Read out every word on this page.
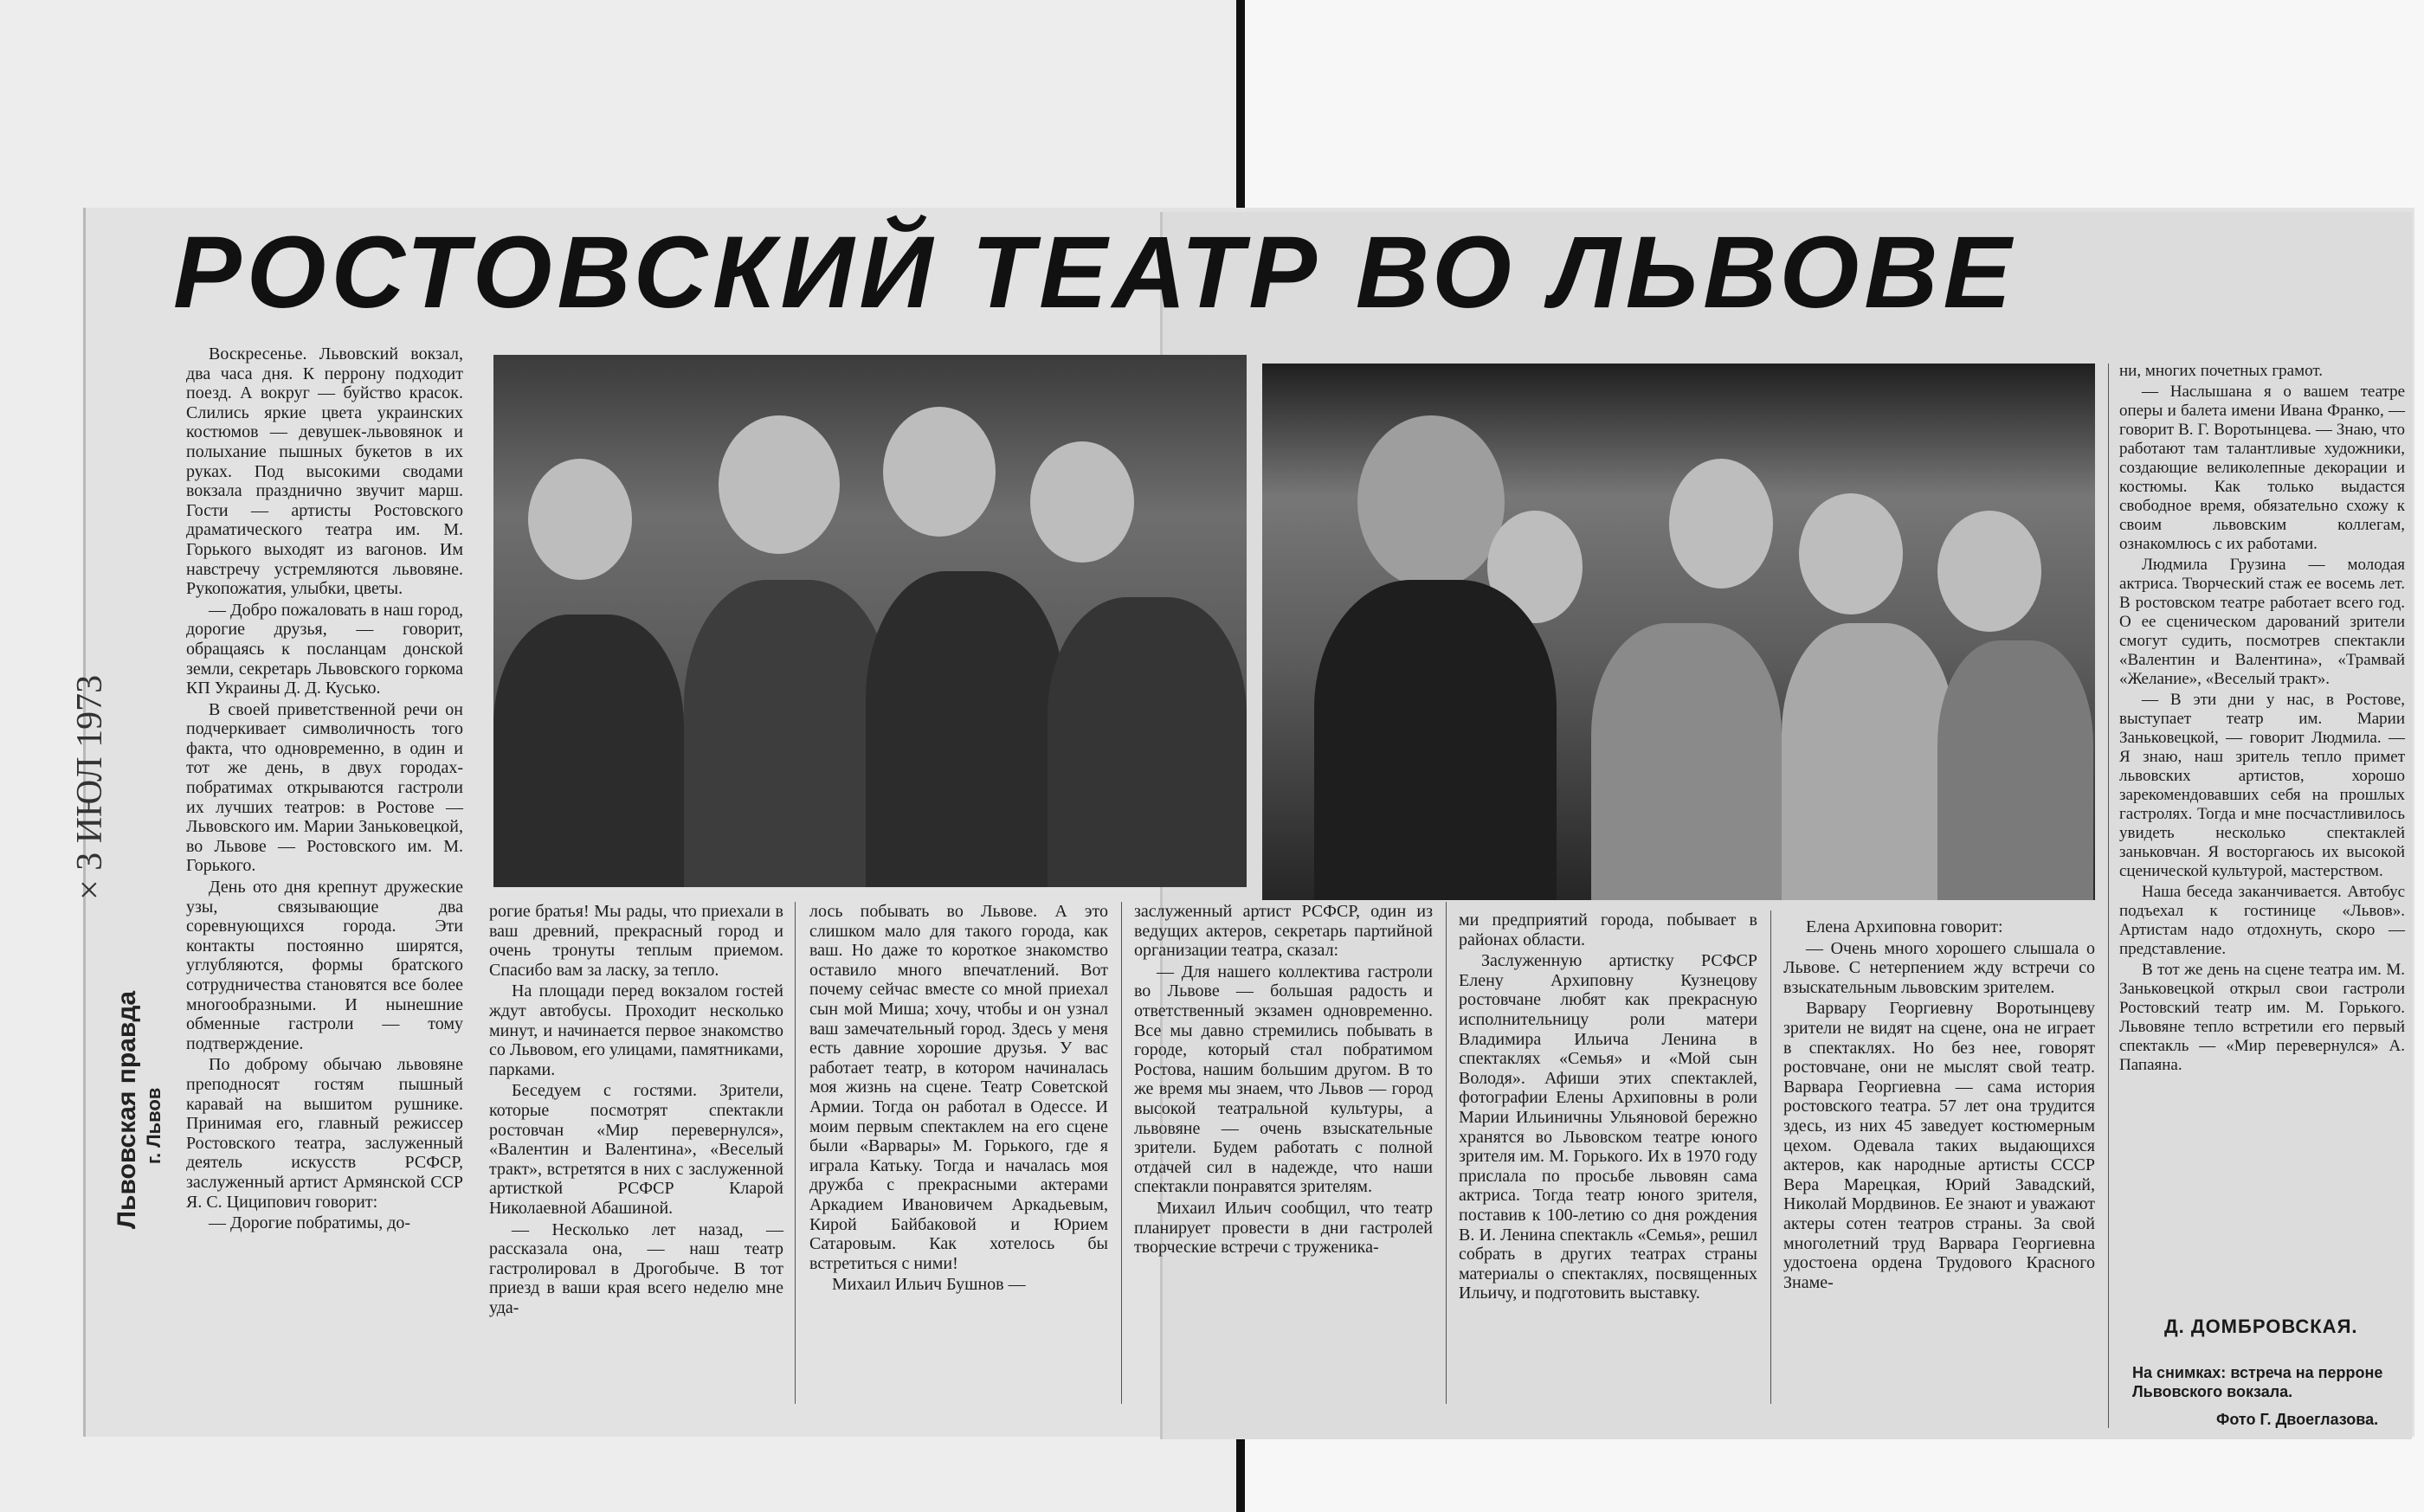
РОСТОВСКИЙ ТЕАТР ВО ЛЬВОВЕ
× 3 ИЮЛ 1973
Львовская правда г. Львов

Воскресенье. Львовский вокзал, два часа дня. К перрону подходит поезд. А вокруг — буйство красок. Слились яркие цвета украинских костюмов — девушек-львовянок и полыхание пышных букетов в их руках. Под высокими сводами вокзала празднично звучит марш. Гости — артисты Ростовского драматического театра им. М. Горького выходят из вагонов. Им навстречу устремляются львовяне. Рукопожатия, улыбки, цветы.

— Добро пожаловать в наш город, дорогие друзья, — говорит, обращаясь к посланцам донской земли, секретарь Львовского горкома КП Украины Д. Д. Кусько.

В своей приветственной речи он подчеркивает символичность того факта, что одновременно, в один и тот же день, в двух городах-побратимах открываются гастроли их лучших театров: в Ростове — Львовского им. Марии Заньковецкой, во Львове — Ростовского им. М. Горького.

День ото дня крепнут дружеские узы, связывающие два соревнующихся города. Эти контакты постоянно ширятся, углубляются, формы братского сотрудничества становятся все более многообразными. И нынешние обменные гастроли — тому подтверждение.

По доброму обычаю львовяне преподносят гостям пышный каравай на вышитом рушнике. Принимая его, главный режиссер Ростовского театра, заслуженный деятель искусств РСФСР, заслуженный артист Армянской ССР Я. С. Циципович говорит:

— Дорогие побратимы, до-

рогие братья! Мы рады, что приехали в ваш древний, прекрасный город и очень тронуты теплым приемом. Спасибо вам за ласку, за тепло.

На площади перед вокзалом гостей ждут автобусы. Проходит несколько минут, и начинается первое знакомство со Львовом, его улицами, памятниками, парками.

Беседуем с гостями. Зрители, которые посмотрят спектакли ростовчан «Мир перевернулся», «Валентин и Валентина», «Веселый тракт», встретятся в них с заслуженной артисткой РСФСР Кларой Николаевной Абашиной.

— Несколько лет назад, — рассказала она, — наш театр гастролировал в Дрогобыче. В тот приезд в ваши края всего неделю мне уда-

лось побывать во Львове. А это слишком мало для такого города, как ваш. Но даже то короткое знакомство оставило много впечатлений. Вот почему сейчас вместе со мной приехал сын мой Миша; хочу, чтобы и он узнал ваш замечательный город. Здесь у меня есть давние хорошие друзья. У вас работает театр, в котором начиналась моя жизнь на сцене. Театр Советской Армии. Тогда он работал в Одессе. И моим первым спектаклем на его сцене были «Варвары» М. Горького, где я играла Катьку. Тогда и началась моя дружба с прекрасными актерами Аркадием Ивановичем Аркадьевым, Кирой Байбаковой и Юрием Сатаровым. Как хотелось бы встретиться с ними!

Михаил Ильич Бушнов —

заслуженный артист РСФСР, один из ведущих актеров, секретарь партийной организации театра, сказал:

— Для нашего коллектива гастроли во Львове — большая радость и ответственный экзамен одновременно. Все мы давно стремились побывать в городе, который стал побратимом Ростова, нашим большим другом. В то же время мы знаем, что Львов — город высокой театральной культуры, а львовяне — очень взыскательные зрители. Будем работать с полной отдачей сил в надежде, что наши спектакли понравятся зрителям.

Михаил Ильич сообщил, что театр планирует провести в дни гастролей творческие встречи с труженика-

ми предприятий города, побывает в районах области.

Заслуженную артистку РСФСР Елену Архиповну Кузнецову ростовчане любят как прекрасную исполнительницу роли матери Владимира Ильича Ленина в спектаклях «Семья» и «Мой сын Володя». Афиши этих спектаклей, фотографии Елены Архиповны в роли Марии Ильиничны Ульяновой бережно хранятся во Львовском театре юного зрителя им. М. Горького. Их в 1970 году прислала по просьбе львовян сама актриса. Тогда театр юного зрителя, поставив к 100-летию со дня рождения В. И. Ленина спектакль «Семья», решил собрать в других театрах страны материалы о спектаклях, посвященных Ильичу, и подготовить выставку.

Елена Архиповна говорит:

— Очень много хорошего слышала о Львове. С нетерпением жду встречи со взыскательным львовским зрителем.

Варвару Георгиевну Воротынцеву зрители не видят на сцене, она не играет в спектаклях. Но без нее, говорят ростовчане, они не мыслят свой театр. Варвара Георгиевна — сама история ростовского театра. 57 лет она трудится здесь, из них 45 заведует костюмерным цехом. Одевала таких выдающихся актеров, как народные артисты СССР Вера Марецкая, Юрий Завадский, Николай Мордвинов. Ее знают и уважают актеры сотен театров страны. За свой многолетний труд Варвара Георгиевна удостоена ордена Трудового Красного Знаме-

ни, многих почетных грамот.

— Наслышана я о вашем театре оперы и балета имени Ивана Франко, — говорит В. Г. Воротынцева. — Знаю, что работают там талантливые художники, создающие великолепные декорации и костюмы. Как только выдастся свободное время, обязательно схожу к своим львовским коллегам, ознакомлюсь с их работами.

Людмила Грузина — молодая актриса. Творческий стаж ее восемь лет. В ростовском театре работает всего год. О ее сценическом дарований зрители смогут судить, посмотрев спектакли «Валентин и Валентина», «Трамвай «Желание», «Веселый тракт».

— В эти дни у нас, в Ростове, выступает театр им. Марии Заньковецкой, — говорит Людмила. — Я знаю, наш зритель тепло примет львовских артистов, хорошо зарекомендовавших себя на прошлых гастролях. Тогда и мне посчастливилось увидеть несколько спектаклей заньковчан. Я восторгаюсь их высокой сценической культурой, мастерством.

Наша беседа заканчивается. Автобус подъехал к гостинице «Львов». Артистам надо отдохнуть, скоро — представление.

В тот же день на сцене театра им. М. Заньковецкой открыл свои гастроли Ростовский театр им. М. Горького. Львовяне тепло встретили его первый спектакль — «Мир перевернулся» А. Папаяна.

Д. ДОМБРОВСКАЯ.
На снимках: встреча на перроне Львовского вокзала.
Фото Г. Двоеглазова.
